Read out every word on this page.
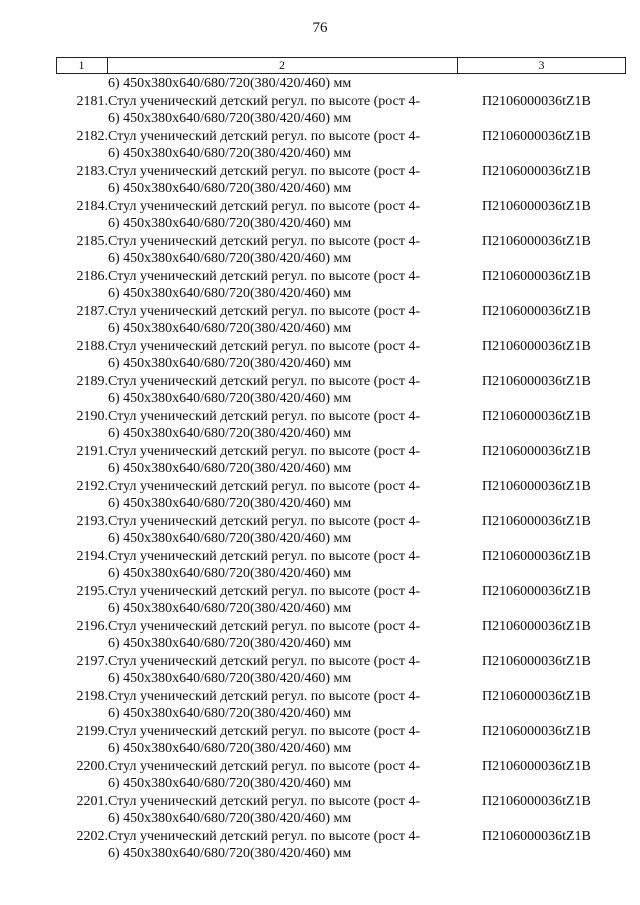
76
1	2	3
6) 450x380x640/680/720(380/420/460) мм
2181. Стул ученический детский регул. по высоте (рост 4-	П2106000036tZ1B
6) 450x380x640/680/720(380/420/460) мм
2182. Стул ученический детский регул. по высоте (рост 4-	П2106000036tZ1B
6) 450x380x640/680/720(380/420/460) мм
2183. Стул ученический детский регул. по высоте (рост 4-	П2106000036tZ1B
6) 450x380x640/680/720(380/420/460) мм
2184. Стул ученический детский регул. по высоте (рост 4-	П2106000036tZ1B
6) 450x380x640/680/720(380/420/460) мм
2185. Стул ученический детский регул. по высоте (рост 4-	П2106000036tZ1B
6) 450x380x640/680/720(380/420/460) мм
2186. Стул ученический детский регул. по высоте (рост 4-	П2106000036tZ1B
6) 450x380x640/680/720(380/420/460) мм
2187. Стул ученический детский регул. по высоте (рост 4-	П2106000036tZ1B
6) 450x380x640/680/720(380/420/460) мм
2188. Стул ученический детский регул. по высоте (рост 4-	П2106000036tZ1B
6) 450x380x640/680/720(380/420/460) мм
2189. Стул ученический детский регул. по высоте (рост 4-	П2106000036tZ1B
6) 450x380x640/680/720(380/420/460) мм
2190. Стул ученический детский регул. по высоте (рост 4-	П2106000036tZ1B
6) 450x380x640/680/720(380/420/460) мм
2191. Стул ученический детский регул. по высоте (рост 4-	П2106000036tZ1B
6) 450x380x640/680/720(380/420/460) мм
2192. Стул ученический детский регул. по высоте (рост 4-	П2106000036tZ1B
6) 450x380x640/680/720(380/420/460) мм
2193. Стул ученический детский регул. по высоте (рост 4-	П2106000036tZ1B
6) 450x380x640/680/720(380/420/460) мм
2194. Стул ученический детский регул. по высоте (рост 4-	П2106000036tZ1B
6) 450x380x640/680/720(380/420/460) мм
2195. Стул ученический детский регул. по высоте (рост 4-	П2106000036tZ1B
6) 450x380x640/680/720(380/420/460) мм
2196. Стул ученический детский регул. по высоте (рост 4-	П2106000036tZ1B
6) 450x380x640/680/720(380/420/460) мм
2197. Стул ученический детский регул. по высоте (рост 4-	П2106000036tZ1B
6) 450x380x640/680/720(380/420/460) мм
2198. Стул ученический детский регул. по высоте (рост 4-	П2106000036tZ1B
6) 450x380x640/680/720(380/420/460) мм
2199. Стул ученический детский регул. по высоте (рост 4-	П2106000036tZ1B
6) 450x380x640/680/720(380/420/460) мм
2200. Стул ученический детский регул. по высоте (рост 4-	П2106000036tZ1B
6) 450x380x640/680/720(380/420/460) мм
2201. Стул ученический детский регул. по высоте (рост 4-	П2106000036tZ1B
6) 450x380x640/680/720(380/420/460) мм
2202. Стул ученический детский регул. по высоте (рост 4-	П2106000036tZ1B
6) 450x380x640/680/720(380/420/460) мм
